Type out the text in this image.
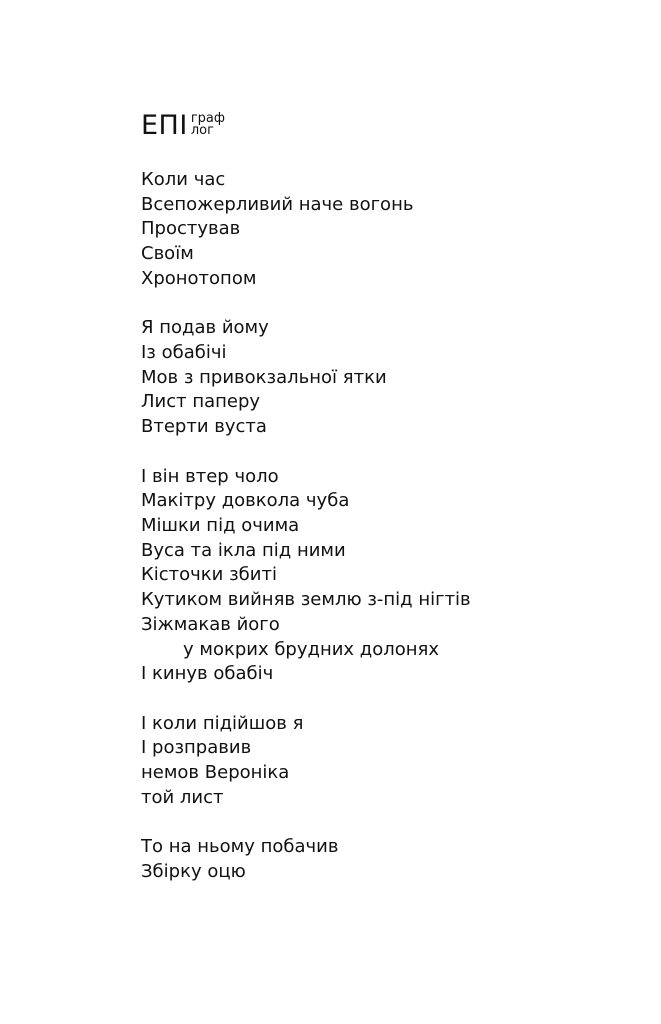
ЕПІ граф
лог
Коли час
Всепожерливий наче вогонь
Простував
Своїм
Хронотопом
Я подав йому
Із обабічі
Мов з привокзальної ятки
Лист паперу
Втерти вуста
І він втер чоло
Макітру довкола чуба
Мішки під очима
Вуса та ікла під ними
Кісточки збиті
Кутиком вийняв землю з-під нігтів
Зіжмакав його
у мокрих брудних долонях
І кинув обабіч
І коли підійшов я
І розправив
немов Вероніка
той лист
То на ньому побачив
Збірку оцю
